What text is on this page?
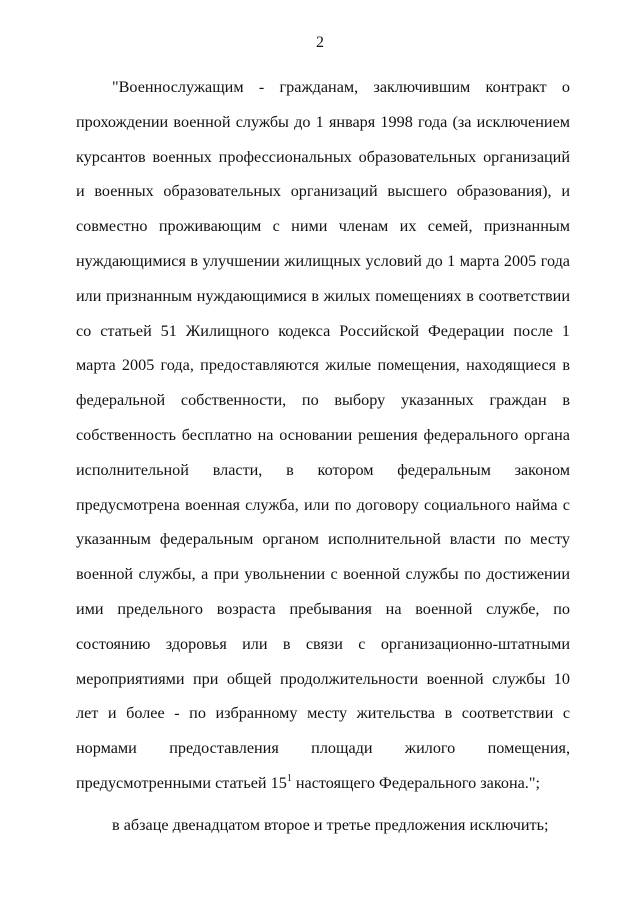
2

"Военнослужащим - гражданам, заключившим контракт о прохождении военной службы до 1 января 1998 года (за исключением курсантов военных профессиональных образовательных организаций и военных образовательных организаций высшего образования), и совместно проживающим с ними членам их семей, признанным нуждающимися в улучшении жилищных условий до 1 марта 2005 года или признанным нуждающимися в жилых помещениях в соответствии со статьей 51 Жилищного кодекса Российской Федерации после 1 марта 2005 года, предоставляются жилые помещения, находящиеся в федеральной собственности, по выбору указанных граждан в собственность бесплатно на основании решения федерального органа исполнительной власти, в котором федеральным законом предусмотрена военная служба, или по договору социального найма с указанным федеральным органом исполнительной власти по месту военной службы, а при увольнении с военной службы по достижении ими предельного возраста пребывания на военной службе, по состоянию здоровья или в связи с организационно-штатными мероприятиями при общей продолжительности военной службы 10 лет и более - по избранному месту жительства в соответствии с нормами предоставления площади жилого помещения, предусмотренными статьей $15^1$ настоящего Федерального закона.";

в абзаце двенадцатом второе и третье предложения исключить;
